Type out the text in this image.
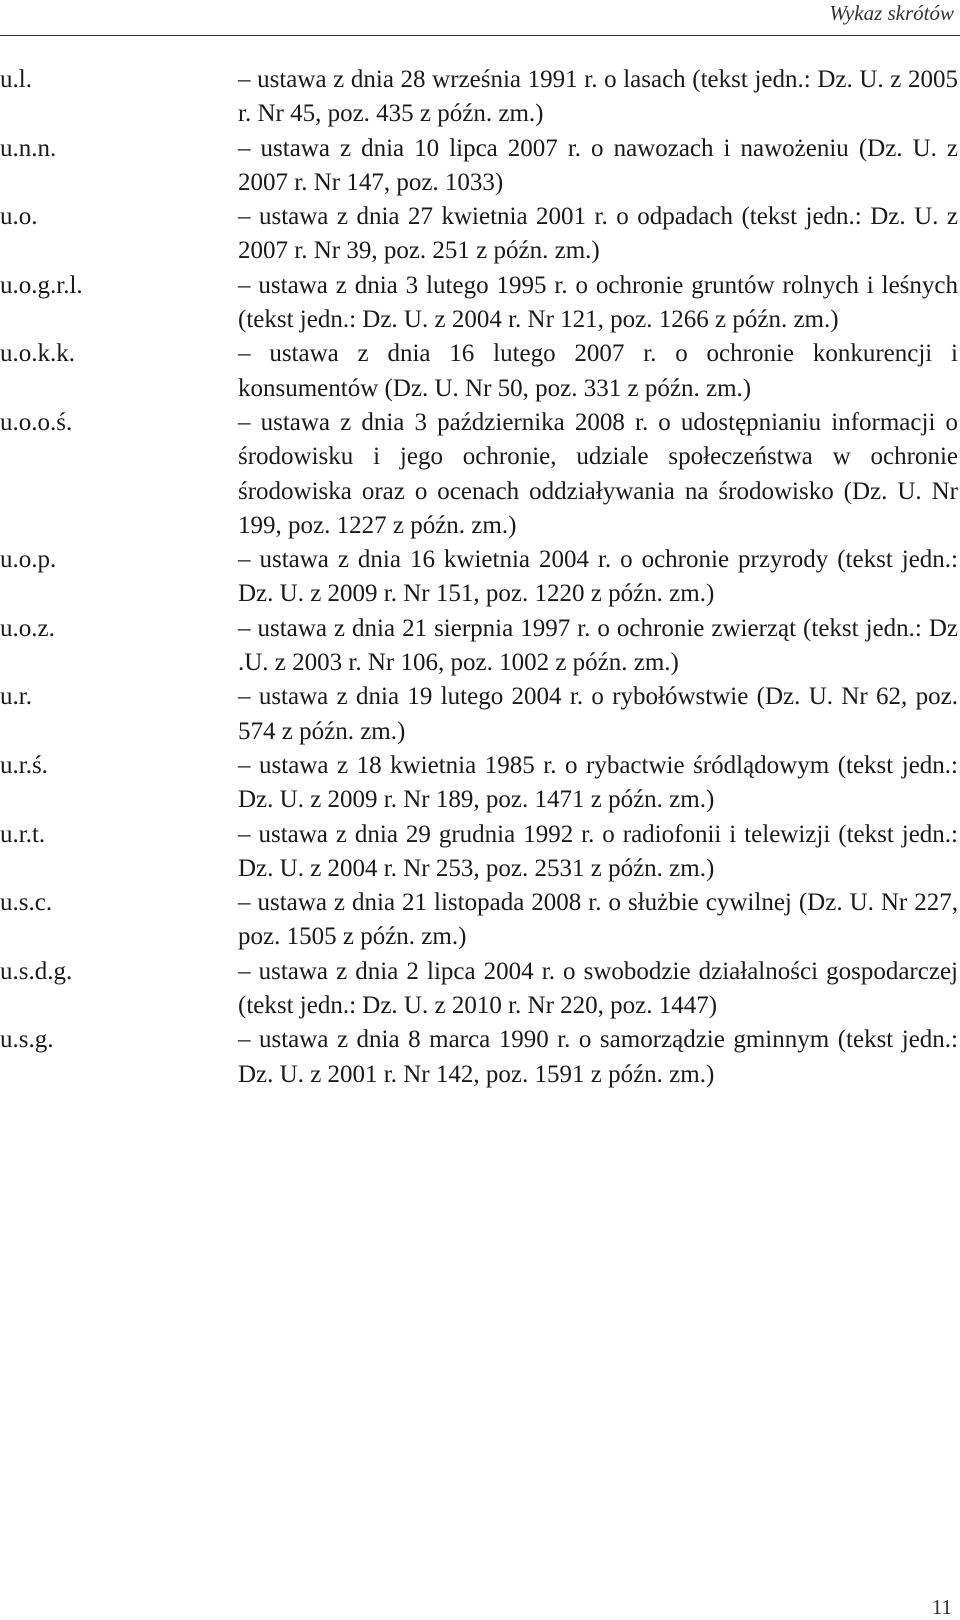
Wykaz skrótów
u.l.	– ustawa z dnia 28 września 1991 r. o lasach (tekst jedn.: Dz. U. z 2005 r. Nr 45, poz. 435 z późn. zm.)
u.n.n.	– ustawa z dnia 10 lipca 2007 r. o nawozach i nawożeniu (Dz. U. z 2007 r. Nr 147, poz. 1033)
u.o.	– ustawa z dnia 27 kwietnia 2001 r. o odpadach (tekst jedn.: Dz. U. z 2007 r. Nr 39, poz. 251 z późn. zm.)
u.o.g.r.l.	– ustawa z dnia 3 lutego 1995 r. o ochronie gruntów rolnych i leśnych (tekst jedn.: Dz. U. z 2004 r. Nr 121, poz. 1266 z późn. zm.)
u.o.k.k.	– ustawa z dnia 16 lutego 2007 r. o ochronie konkurencji i konsumentów (Dz. U. Nr 50, poz. 331 z późn. zm.)
u.o.o.ś.	– ustawa z dnia 3 października 2008 r. o udostępnianiu informacji o środowisku i jego ochronie, udziale społeczeństwa w ochronie środowiska oraz o ocenach oddziaływania na środowisko (Dz. U. Nr 199, poz. 1227 z późn. zm.)
u.o.p.	– ustawa z dnia 16 kwietnia 2004 r. o ochronie przyrody (tekst jedn.: Dz. U. z 2009 r. Nr 151, poz. 1220 z późn. zm.)
u.o.z.	– ustawa z dnia 21 sierpnia 1997 r. o ochronie zwierząt (tekst jedn.: Dz .U. z 2003 r. Nr 106, poz. 1002 z późn. zm.)
u.r.	– ustawa z dnia 19 lutego 2004 r. o rybołówstwie (Dz. U. Nr 62, poz. 574 z późn. zm.)
u.r.ś.	– ustawa z 18 kwietnia 1985 r. o rybactwie śródlądowym (tekst jedn.: Dz. U. z 2009 r. Nr 189, poz. 1471 z późn. zm.)
u.r.t.	– ustawa z dnia 29 grudnia 1992 r. o radiofonii i telewizji (tekst jedn.: Dz. U. z 2004 r. Nr 253, poz. 2531 z późn. zm.)
u.s.c.	– ustawa z dnia 21 listopada 2008 r. o służbie cywilnej (Dz. U. Nr 227, poz. 1505 z późn. zm.)
u.s.d.g.	– ustawa z dnia 2 lipca 2004 r. o swobodzie działalności gospodarczej (tekst jedn.: Dz. U. z 2010 r. Nr 220, poz. 1447)
u.s.g.	– ustawa z dnia 8 marca 1990 r. o samorządzie gminnym (tekst jedn.: Dz. U. z 2001 r. Nr 142, poz. 1591 z późn. zm.)
11
